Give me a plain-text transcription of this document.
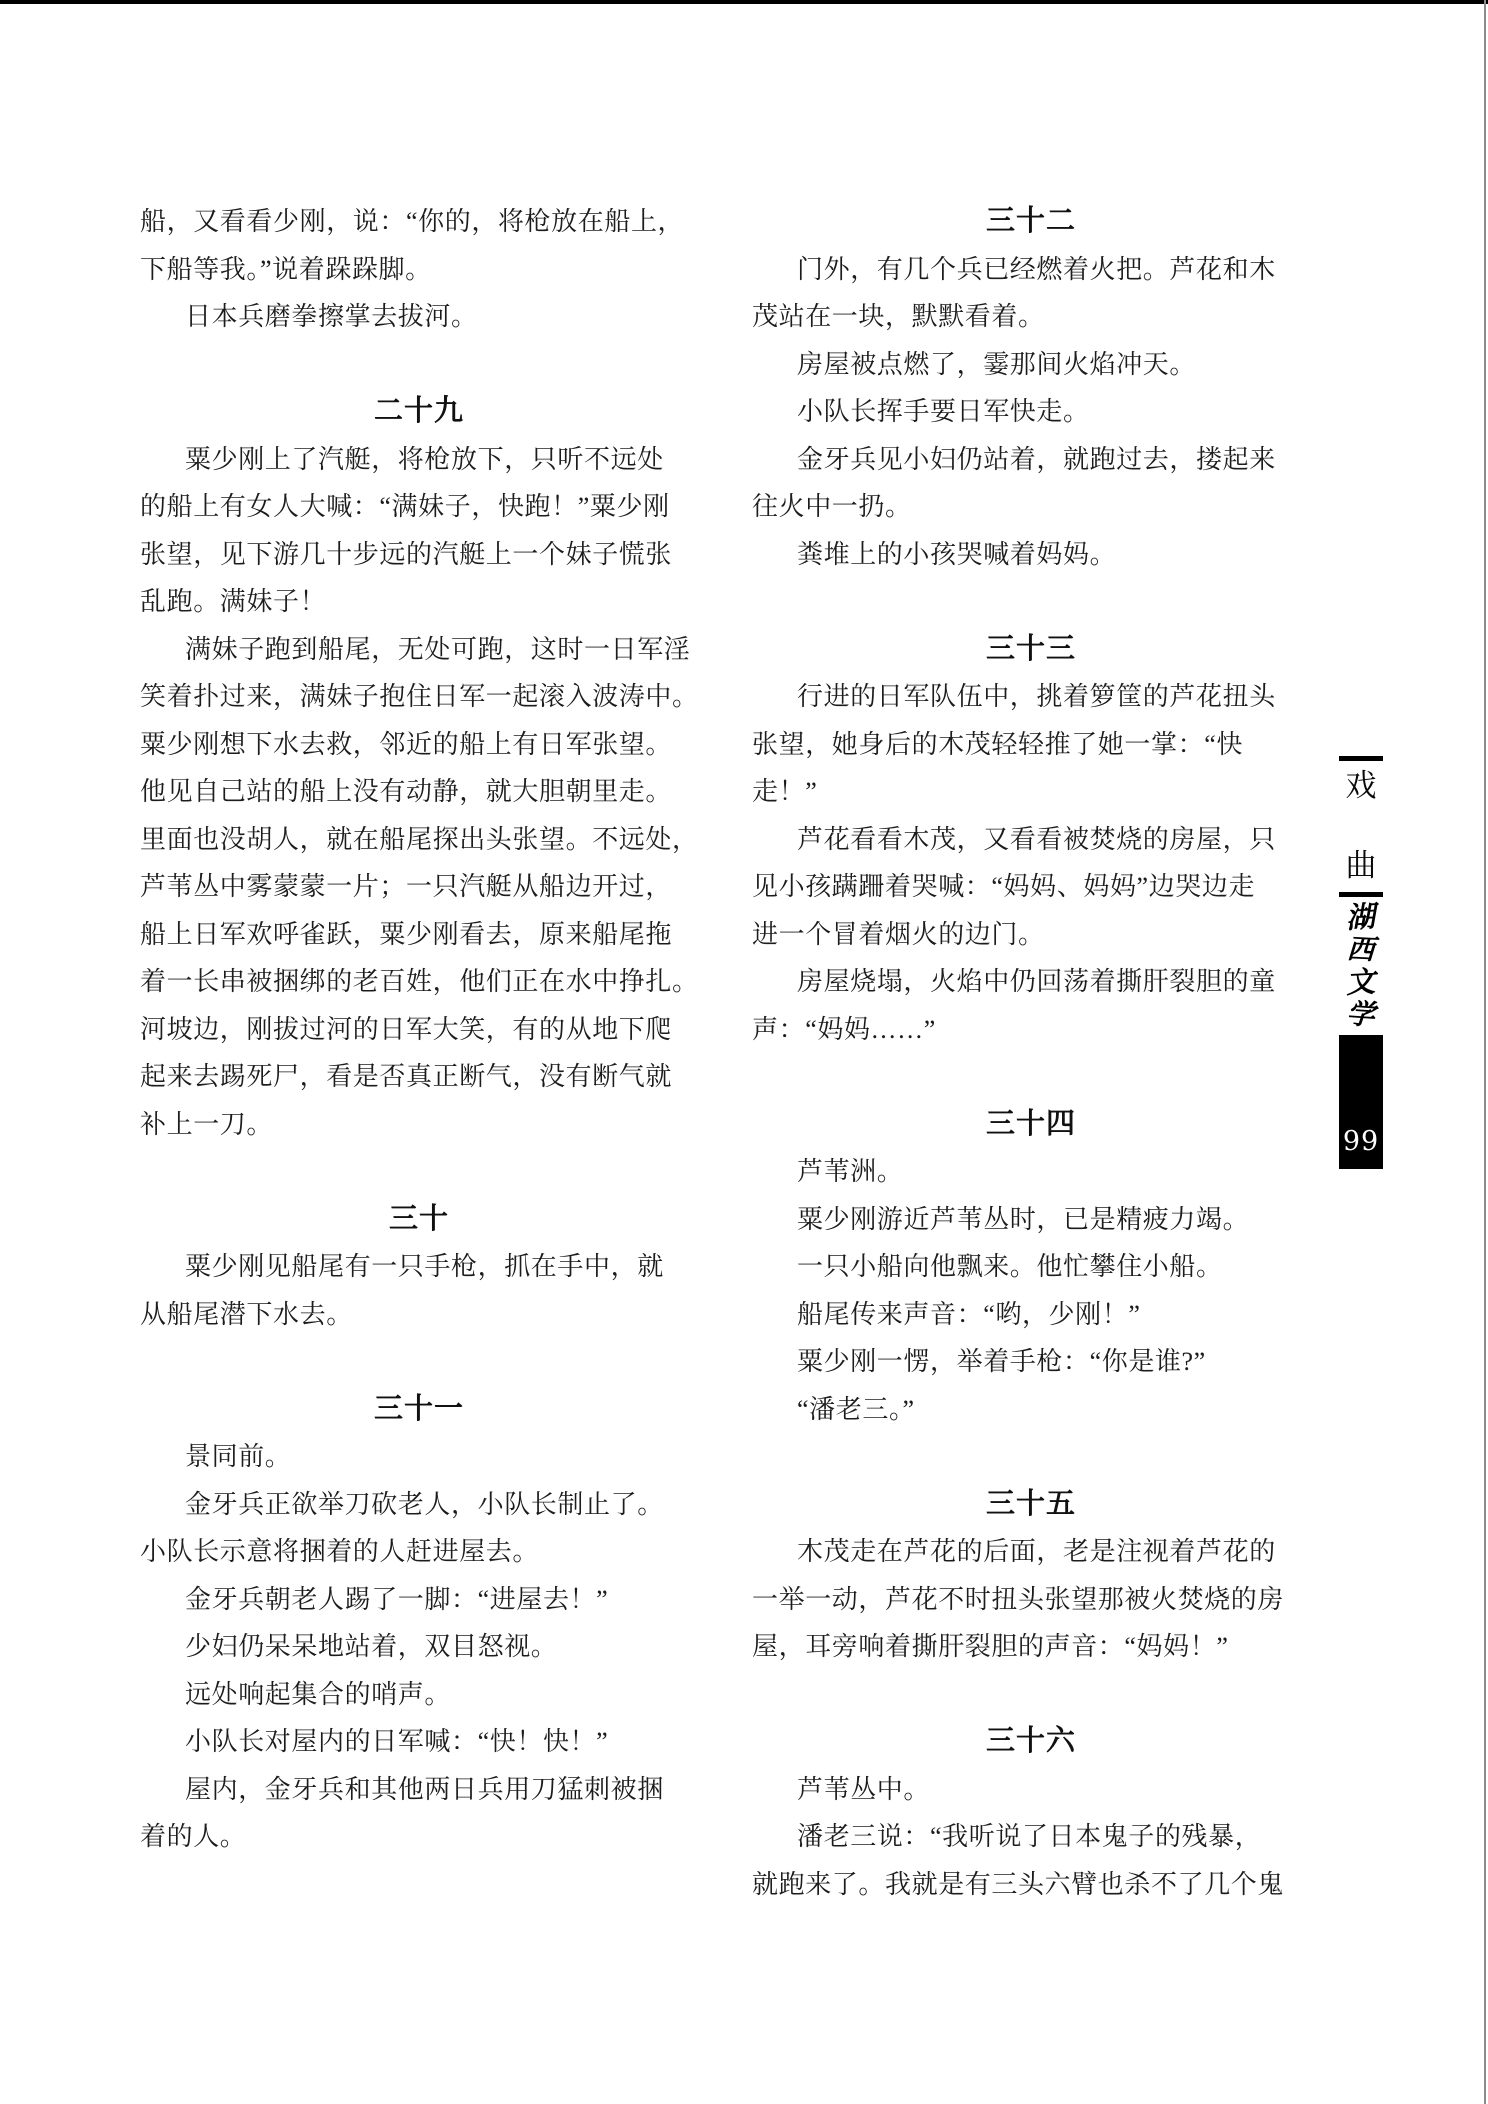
船，又看看少刚，说：“你的，将枪放在船上，
下船等我。”说着跺跺脚。
日本兵磨拳擦掌去拔河。
二十九
粟少刚上了汽艇，将枪放下，只听不远处
的船上有女人大喊：“满妹子，快跑！”粟少刚
张望，见下游几十步远的汽艇上一个妹子慌张
乱跑。满妹子！
满妹子跑到船尾，无处可跑，这时一日军淫
笑着扑过来，满妹子抱住日军一起滚入波涛中。
粟少刚想下水去救，邻近的船上有日军张望。
他见自己站的船上没有动静，就大胆朝里走。
里面也没胡人，就在船尾探出头张望。不远处，
芦苇丛中雾蒙蒙一片；一只汽艇从船边开过，
船上日军欢呼雀跃，粟少刚看去，原来船尾拖
着一长串被捆绑的老百姓，他们正在水中挣扎。
河坡边，刚拔过河的日军大笑，有的从地下爬
起来去踢死尸，看是否真正断气，没有断气就
补上一刀。
三十
粟少刚见船尾有一只手枪，抓在手中，就
从船尾潜下水去。
三十一
景同前。
金牙兵正欲举刀砍老人，小队长制止了。
小队长示意将捆着的人赶进屋去。
金牙兵朝老人踢了一脚：“进屋去！”
少妇仍呆呆地站着，双目怒视。
远处响起集合的哨声。
小队长对屋内的日军喊：“快！快！”
屋内，金牙兵和其他两日兵用刀猛刺被捆
着的人。
三十二
门外，有几个兵已经燃着火把。芦花和木
茂站在一块，默默看着。
房屋被点燃了，霎那间火焰冲天。
小队长挥手要日军快走。
金牙兵见小妇仍站着，就跑过去，搂起来
往火中一扔。
粪堆上的小孩哭喊着妈妈。
三十三
行进的日军队伍中，挑着箩筐的芦花扭头
张望，她身后的木茂轻轻推了她一掌：“快
走！”
芦花看看木茂，又看看被焚烧的房屋，只
见小孩蹒跚着哭喊：“妈妈、妈妈”边哭边走
进一个冒着烟火的边门。
房屋烧塌，火焰中仍回荡着撕肝裂胆的童
声：“妈妈……”
三十四
芦苇洲。
粟少刚游近芦苇丛时，已是精疲力竭。
一只小船向他飘来。他忙攀住小船。
船尾传来声音：“哟，少刚！”
粟少刚一愣，举着手枪：“你是谁?”
“潘老三。”
三十五
木茂走在芦花的后面，老是注视着芦花的
一举一动，芦花不时扭头张望那被火焚烧的房
屋，耳旁响着撕肝裂胆的声音：“妈妈！”
三十六
芦苇丛中。
潘老三说：“我听说了日本鬼子的残暴，
就跑来了。我就是有三头六臂也杀不了几个鬼
戏
曲
湖
西
文
学
99
